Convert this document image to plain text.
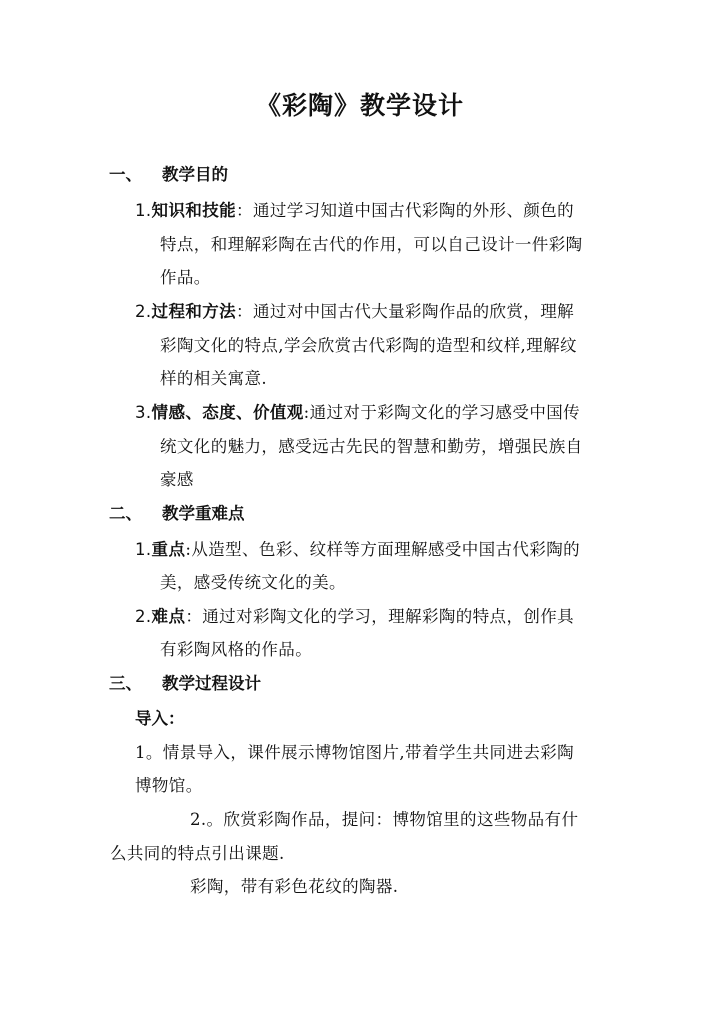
《彩陶》教学设计
一、 教学目的
1.知识和技能：通过学习知道中国古代彩陶的外形、颜色的
特点，和理解彩陶在古代的作用，可以自己设计一件彩陶
作品。
2.过程和方法：通过对中国古代大量彩陶作品的欣赏，理解
彩陶文化的特点,学会欣赏古代彩陶的造型和纹样,理解纹
样的相关寓意.
3.情感、态度、价值观:通过对于彩陶文化的学习感受中国传
统文化的魅力，感受远古先民的智慧和勤劳，增强民族自
豪感
二、 教学重难点
1.重点:从造型、色彩、纹样等方面理解感受中国古代彩陶的
美，感受传统文化的美。
2.难点：通过对彩陶文化的学习，理解彩陶的特点，创作具
有彩陶风格的作品。
三、 教学过程设计
导入：
1。情景导入，课件展示博物馆图片,带着学生共同进去彩陶
博物馆。
2.。欣赏彩陶作品，提问：博物馆里的这些物品有什
么共同的特点引出课题.
彩陶，带有彩色花纹的陶器.
